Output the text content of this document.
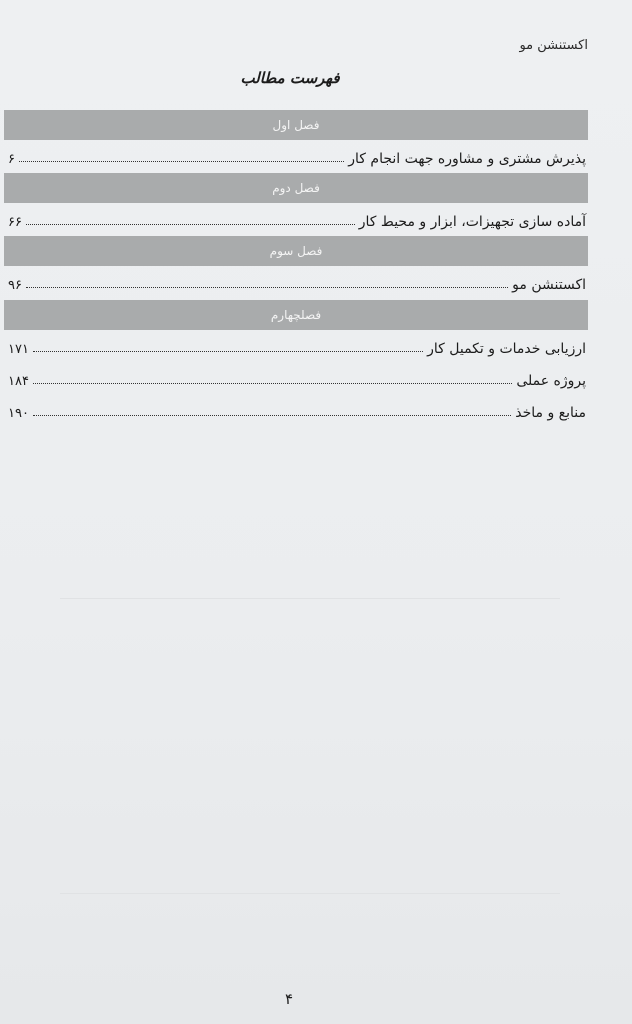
اکستنشن مو
فهرست مطالب
فصل اول
پذیرش مشتری و مشاوره جهت انجام کار
۶
فصل دوم
آماده سازی تجهیزات، ابزار و محیط کار
۶۶
فصل سوم
اکستنشن مو
۹۶
فصلچهارم
ارزیابی خدمات و تکمیل کار
۱۷۱
پروژه عملی
۱۸۴
منابع و ماخذ
۱۹۰
۴
